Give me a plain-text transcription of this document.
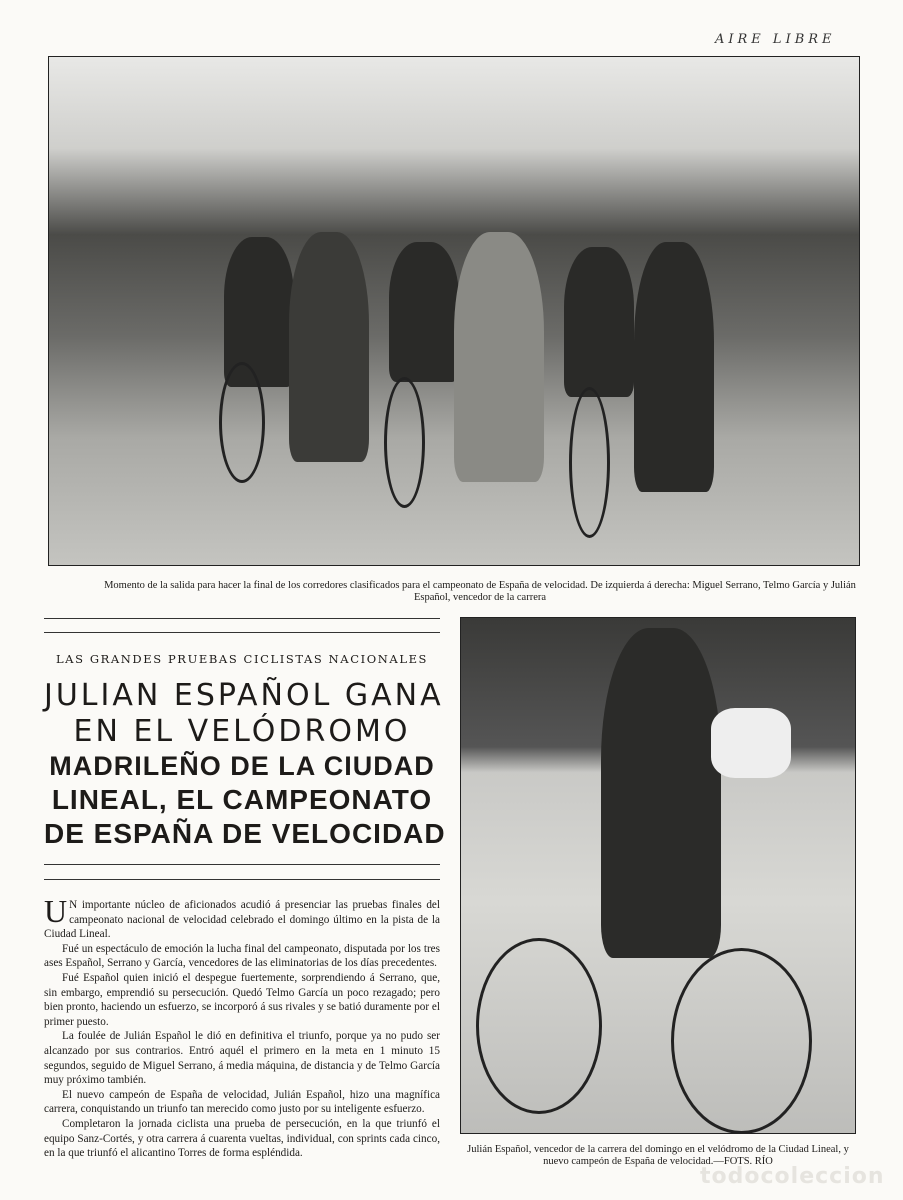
AIRE LIBRE
Momento de la salida para hacer la final de los corredores clasificados para el campeonato de España de velocidad. De izquierda á derecha: Miguel Serrano, Telmo García y Julián Español, vencedor de la carrera
LAS GRANDES PRUEBAS CICLISTAS NACIONALES
JULIAN ESPAÑOL GANA
EN EL VELÓDROMO
MADRILEÑO DE LA CIUDAD
LINEAL, EL CAMPEONATO
DE ESPAÑA DE VELOCIDAD

U N importante núcleo de aficionados acudió á presenciar las pruebas finales del campeonato nacional de velocidad celebrado el domingo último en la pista de la Ciudad Lineal.

Fué un espectáculo de emoción la lucha final del campeonato, disputada por los tres ases Español, Serrano y García, vencedores de las eliminatorias de los días precedentes.

Fué Español quien inició el despegue fuertemente, sorprendiendo á Serrano, que, sin embargo, emprendió su persecución. Quedó Telmo García un poco rezagado; pero bien pronto, haciendo un esfuerzo, se incorporó á sus rivales y se batió duramente por el primer puesto.

La foulée de Julián Español le dió en definitiva el triunfo, porque ya no pudo ser alcanzado por sus contrarios. Entró aquél el primero en la meta en 1 minuto 15 segundos, seguido de Miguel Serrano, á media máquina, de distancia y de Telmo García muy próximo también.

El nuevo campeón de España de velocidad, Julián Español, hizo una magnífica carrera, conquistando un triunfo tan merecido como justo por su inteligente esfuerzo.

Completaron la jornada ciclista una prueba de persecución, en la que triunfó el equipo Sanz-Cortés, y otra carrera á cuarenta vueltas, individual, con sprints cada cinco, en la que triunfó el alicantino Torres de forma espléndida.	Julián Español, vencedor de la carrera del domingo en el velódromo de la Ciudad Lineal, y nuevo campeón de España de velocidad.—FOTS. RÍO
todocoleccion
